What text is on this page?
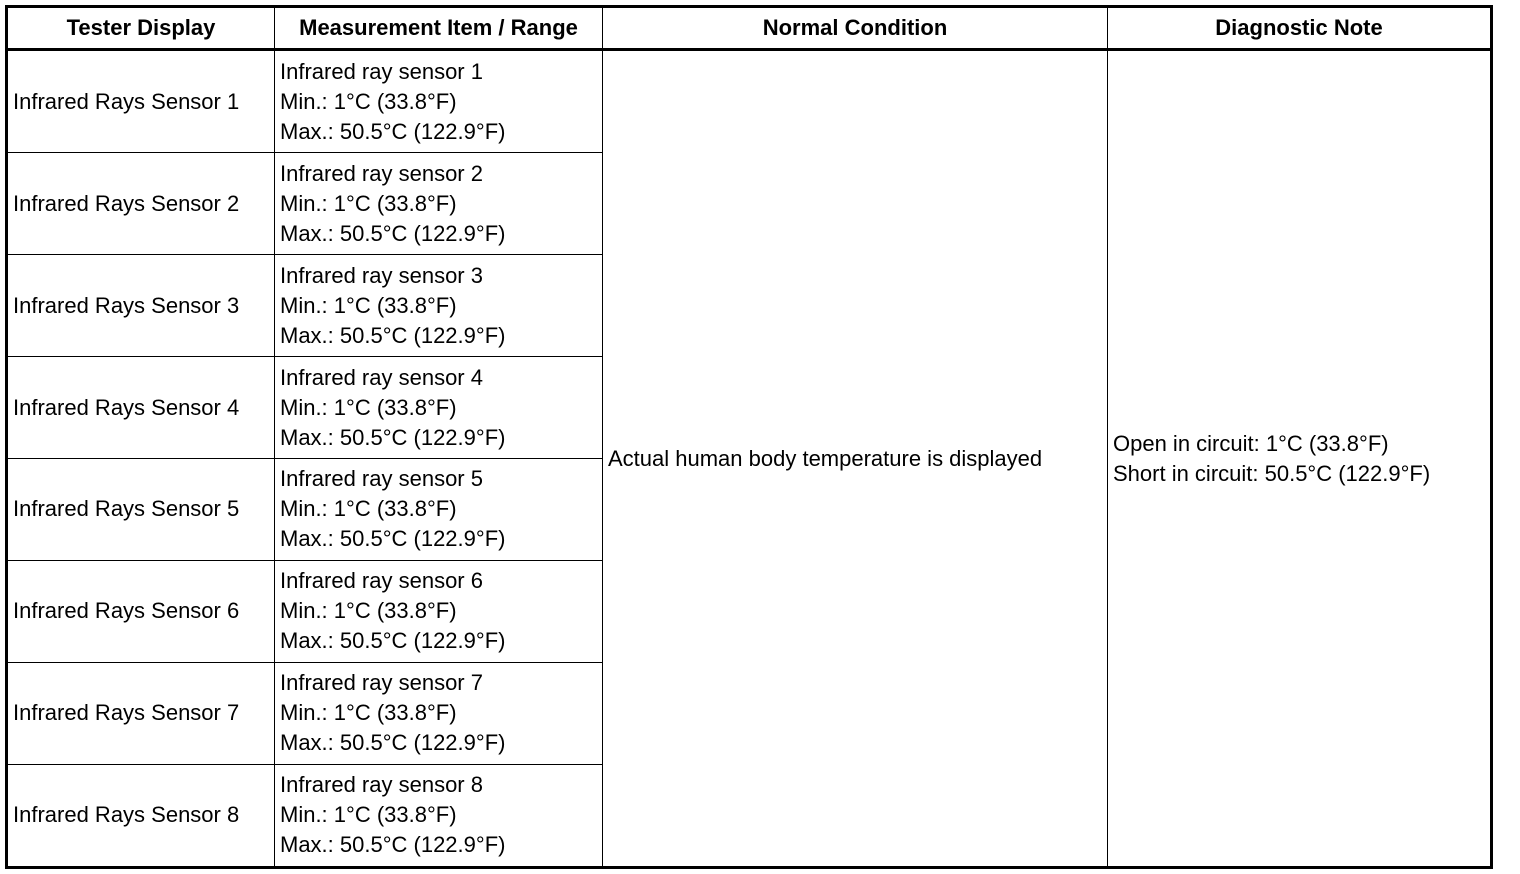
Tester Display	Measurement Item / Range	Normal Condition	Diagnostic Note
Infrared Rays Sensor 1	Infrared ray sensor 1
Min.: 1°C (33.8°F)
Max.: 50.5°C (122.9°F)	Actual human body temperature is displayed	Open in circuit: 1°C (33.8°F)
Short in circuit: 50.5°C (122.9°F)

Infrared Rays Sensor 2	Infrared ray sensor 2
Min.: 1°C (33.8°F)
Max.: 50.5°C (122.9°F)		

Infrared Rays Sensor 3	Infrared ray sensor 3
Min.: 1°C (33.8°F)
Max.: 50.5°C (122.9°F)		

Infrared Rays Sensor 4	Infrared ray sensor 4
Min.: 1°C (33.8°F)
Max.: 50.5°C (122.9°F)		

Infrared Rays Sensor 5	Infrared ray sensor 5
Min.: 1°C (33.8°F)
Max.: 50.5°C (122.9°F)		

Infrared Rays Sensor 6	Infrared ray sensor 6
Min.: 1°C (33.8°F)
Max.: 50.5°C (122.9°F)		

Infrared Rays Sensor 7	Infrared ray sensor 7
Min.: 1°C (33.8°F)
Max.: 50.5°C (122.9°F)		

Infrared Rays Sensor 8	Infrared ray sensor 8
Min.: 1°C (33.8°F)
Max.: 50.5°C (122.9°F)		
